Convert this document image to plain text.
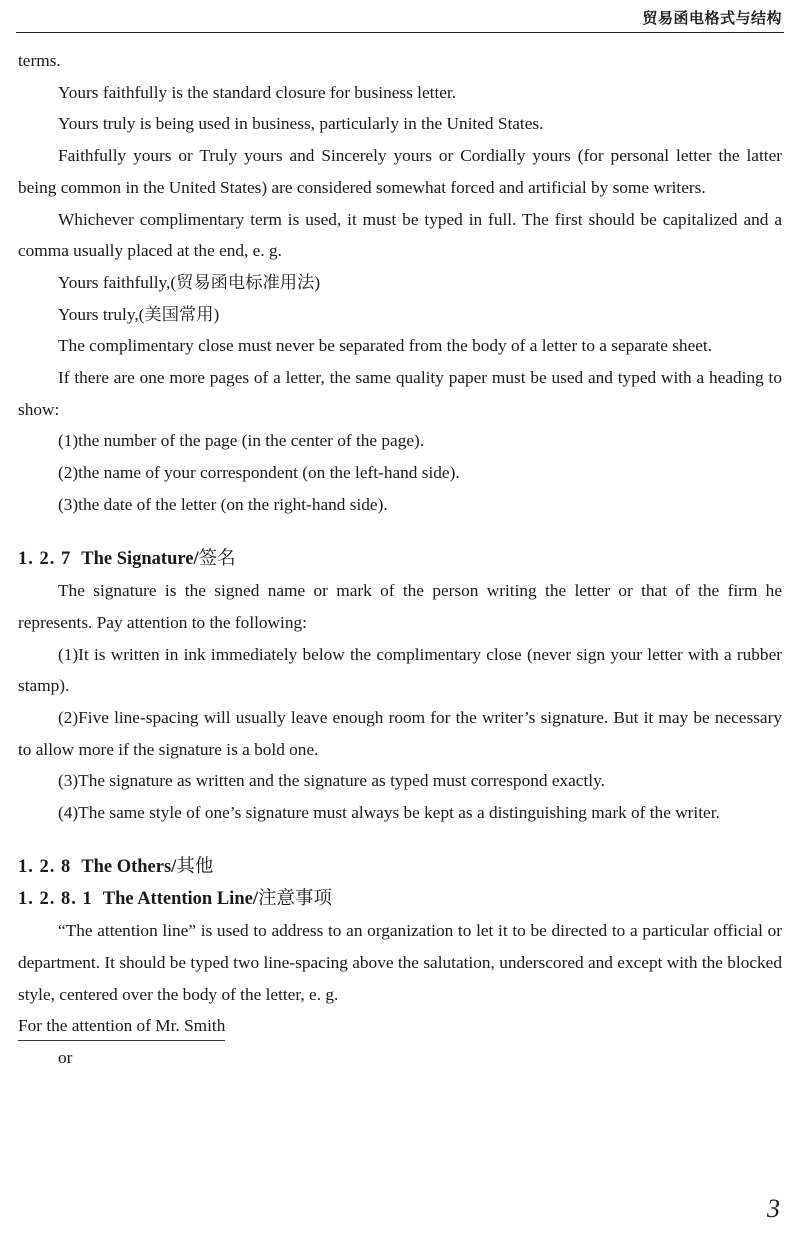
贸易函电格式与结构

terms.

Yours faithfully is the standard closure for business letter.

Yours truly is being used in business, particularly in the United States.

Faithfully yours or Truly yours and Sincerely yours or Cordially yours (for personal letter the latter being common in the United States) are considered somewhat forced and artificial by some writers.

Whichever complimentary term is used, it must be typed in full. The first should be capitalized and a comma usually placed at the end, e. g.

Yours faithfully,(贸易函电标准用法)

Yours truly,(美国常用)

The complimentary close must never be separated from the body of a letter to a separate sheet.

If there are one more pages of a letter, the same quality paper must be used and typed with a heading to show:

(1)the number of the page (in the center of the page).

(2)the name of your correspondent (on the left-hand side).

(3)the date of the letter (on the right-hand side).

1. 2. 7 The Signature/签名

The signature is the signed name or mark of the person writing the letter or that of the firm he represents. Pay attention to the following:

(1)It is written in ink immediately below the complimentary close (never sign your letter with a rubber stamp).

(2)Five line-spacing will usually leave enough room for the writer’s signature. But it may be necessary to allow more if the signature is a bold one.

(3)The signature as written and the signature as typed must correspond exactly.

(4)The same style of one’s signature must always be kept as a distinguishing mark of the writer.

1. 2. 8 The Others/其他

1. 2. 8. 1 The Attention Line/注意事项

“The attention line” is used to address to an organization to let it to be directed to a particular official or department. It should be typed two line-spacing above the salutation, underscored and except with the blocked style, centered over the body of the letter, e. g.

For the attention of Mr. Smith

or

3
